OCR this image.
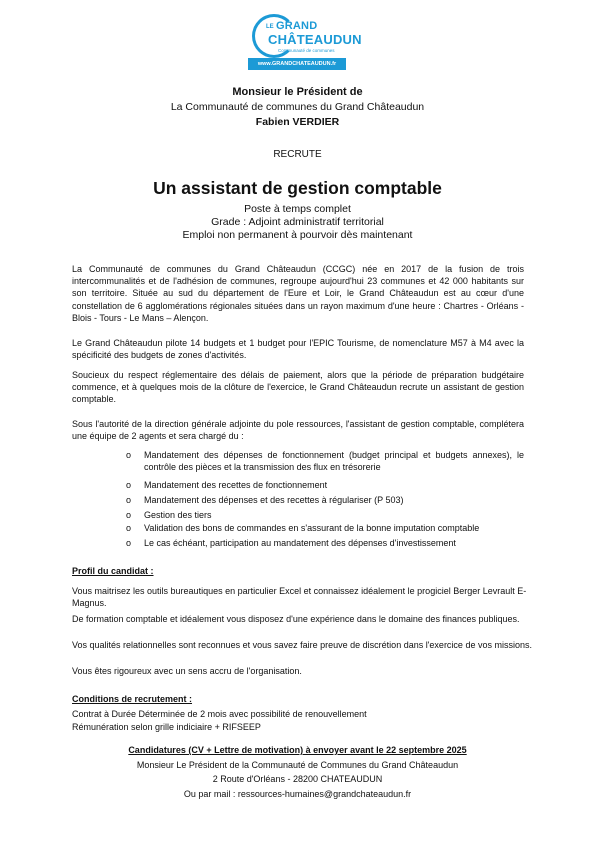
LE GRAND
CHÂTEAUDUN
Communauté de communes
www.GRANDCHATEAUDUN.fr
Monsieur le Président de
La Communauté de communes du Grand Châteaudun
Fabien VERDIER
RECRUTE
Un assistant de gestion comptable
Poste à temps complet
Grade : Adjoint administratif territorial
Emploi non permanent à pourvoir dès maintenant
La Communauté de communes du Grand Châteaudun (CCGC) née en 2017 de la fusion de trois intercommunalités et de l'adhésion de communes, regroupe aujourd'hui 23 communes et 42 000 habitants sur son territoire. Située au sud du département de l'Eure et Loir, le Grand Châteaudun est au cœur d'une constellation de 6 agglomérations régionales situées dans un rayon maximum d'une heure : Chartres - Orléans - Blois - Tours - Le Mans – Alençon.
Le Grand Châteaudun pilote 14 budgets et 1 budget pour l'EPIC Tourisme, de nomenclature M57 à M4 avec la spécificité des budgets de zones d'activités.
Soucieux du respect réglementaire des délais de paiement, alors que la période de préparation budgétaire commence, et à quelques mois de la clôture de l'exercice, le Grand Châteaudun recrute un assistant de gestion comptable.
Sous l'autorité de la direction générale adjointe du pole ressources, l'assistant de gestion comptable, complétera une équipe de 2 agents et sera chargé du :
o	Mandatement des dépenses de fonctionnement (budget principal et budgets annexes), le contrôle des pièces et la transmission des flux en trésorerie
o	Mandatement des recettes de fonctionnement
o	Mandatement des dépenses et des recettes à régulariser (P 503)
o	Gestion des tiers
o	Validation des bons de commandes en s'assurant de la bonne imputation comptable
o	Le cas échéant, participation au mandatement des dépenses d'investissement
Profil du candidat :
Vous maitrisez les outils bureautiques en particulier Excel et connaissez idéalement le progiciel Berger Levrault E-Magnus.
De formation comptable et idéalement vous disposez d'une expérience dans le domaine des finances publiques.
Vos qualités relationnelles sont reconnues et vous savez faire preuve de discrétion dans l'exercice de vos missions.
Vous êtes rigoureux avec un sens accru de l'organisation.
Conditions de recrutement :
Contrat à Durée Déterminée de 2 mois avec possibilité de renouvellement
Rémunération selon grille indiciaire + RIFSEEP
Candidatures (CV + Lettre de motivation) à envoyer avant le 22 septembre 2025
Monsieur Le Président de la Communauté de Communes du Grand Châteaudun
2 Route d'Orléans - 28200 CHATEAUDUN
Ou par mail : ressources-humaines@grandchateaudun.fr
